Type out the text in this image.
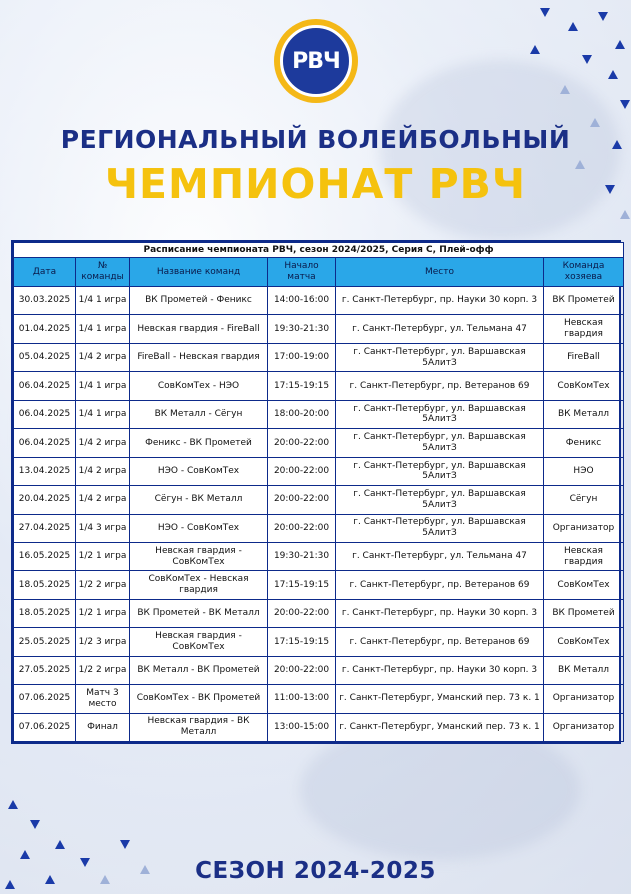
РВЧ
РЕГИОНАЛЬНЫЙ ВОЛЕЙБОЛЬНЫЙ
ЧЕМПИОНАТ РВЧ
Расписание чемпионата РВЧ, сезон 2024/2025, Серия С, Плей-офф					
Дата	№ команды	Название команд	Начало матча	Место	Команда хозяева
30.03.2025	1/4 1 игра	ВК Прометей - Феникс	14:00-16:00	г. Санкт-Петербург, пр. Науки 30 корп. 3	ВК Прометей
01.04.2025	1/4 1 игра	Невская гвардия - FireBall	19:30-21:30	г. Санкт-Петербург, ул. Тельмана 47	Невская гвардия
05.04.2025	1/4 2 игра	FireBall - Невская гвардия	17:00-19:00	г. Санкт-Петербург, ул. Варшавская 5АлитЗ	FireBall
06.04.2025	1/4 1 игра	СовКомТех - НЭО	17:15-19:15	г. Санкт-Петербург, пр. Ветеранов 69	СовКомТех
06.04.2025	1/4 1 игра	ВК Металл - Сёгун	18:00-20:00	г. Санкт-Петербург, ул. Варшавская 5АлитЗ	ВК Металл
06.04.2025	1/4 2 игра	Феникс - ВК Прометей	20:00-22:00	г. Санкт-Петербург, ул. Варшавская 5АлитЗ	Феникс
13.04.2025	1/4 2 игра	НЭО - СовКомТех	20:00-22:00	г. Санкт-Петербург, ул. Варшавская 5АлитЗ	НЭО
20.04.2025	1/4 2 игра	Сёгун - ВК Металл	20:00-22:00	г. Санкт-Петербург, ул. Варшавская 5АлитЗ	Сёгун
27.04.2025	1/4 3 игра	НЭО - СовКомТех	20:00-22:00	г. Санкт-Петербург, ул. Варшавская 5АлитЗ	Организатор
16.05.2025	1/2 1 игра	Невская гвардия - СовКомТех	19:30-21:30	г. Санкт-Петербург, ул. Тельмана 47	Невская гвардия
18.05.2025	1/2 2 игра	СовКомТех - Невская гвардия	17:15-19:15	г. Санкт-Петербург, пр. Ветеранов 69	СовКомТех
18.05.2025	1/2 1 игра	ВК Прометей - ВК Металл	20:00-22:00	г. Санкт-Петербург, пр. Науки 30 корп. 3	ВК Прометей
25.05.2025	1/2 3 игра	Невская гвардия - СовКомТех	17:15-19:15	г. Санкт-Петербург, пр. Ветеранов 69	СовКомТех
27.05.2025	1/2 2 игра	ВК Металл - ВК Прометей	20:00-22:00	г. Санкт-Петербург, пр. Науки 30 корп. 3	ВК Металл
07.06.2025	Матч 3 место	СовКомТех - ВК Прометей	11:00-13:00	г. Санкт-Петербург, Уманский пер. 73 к. 1	Организатор
07.06.2025	Финал	Невская гвардия - ВК Металл	13:00-15:00	г. Санкт-Петербург, Уманский пер. 73 к. 1	Организатор
СЕЗОН 2024-2025
